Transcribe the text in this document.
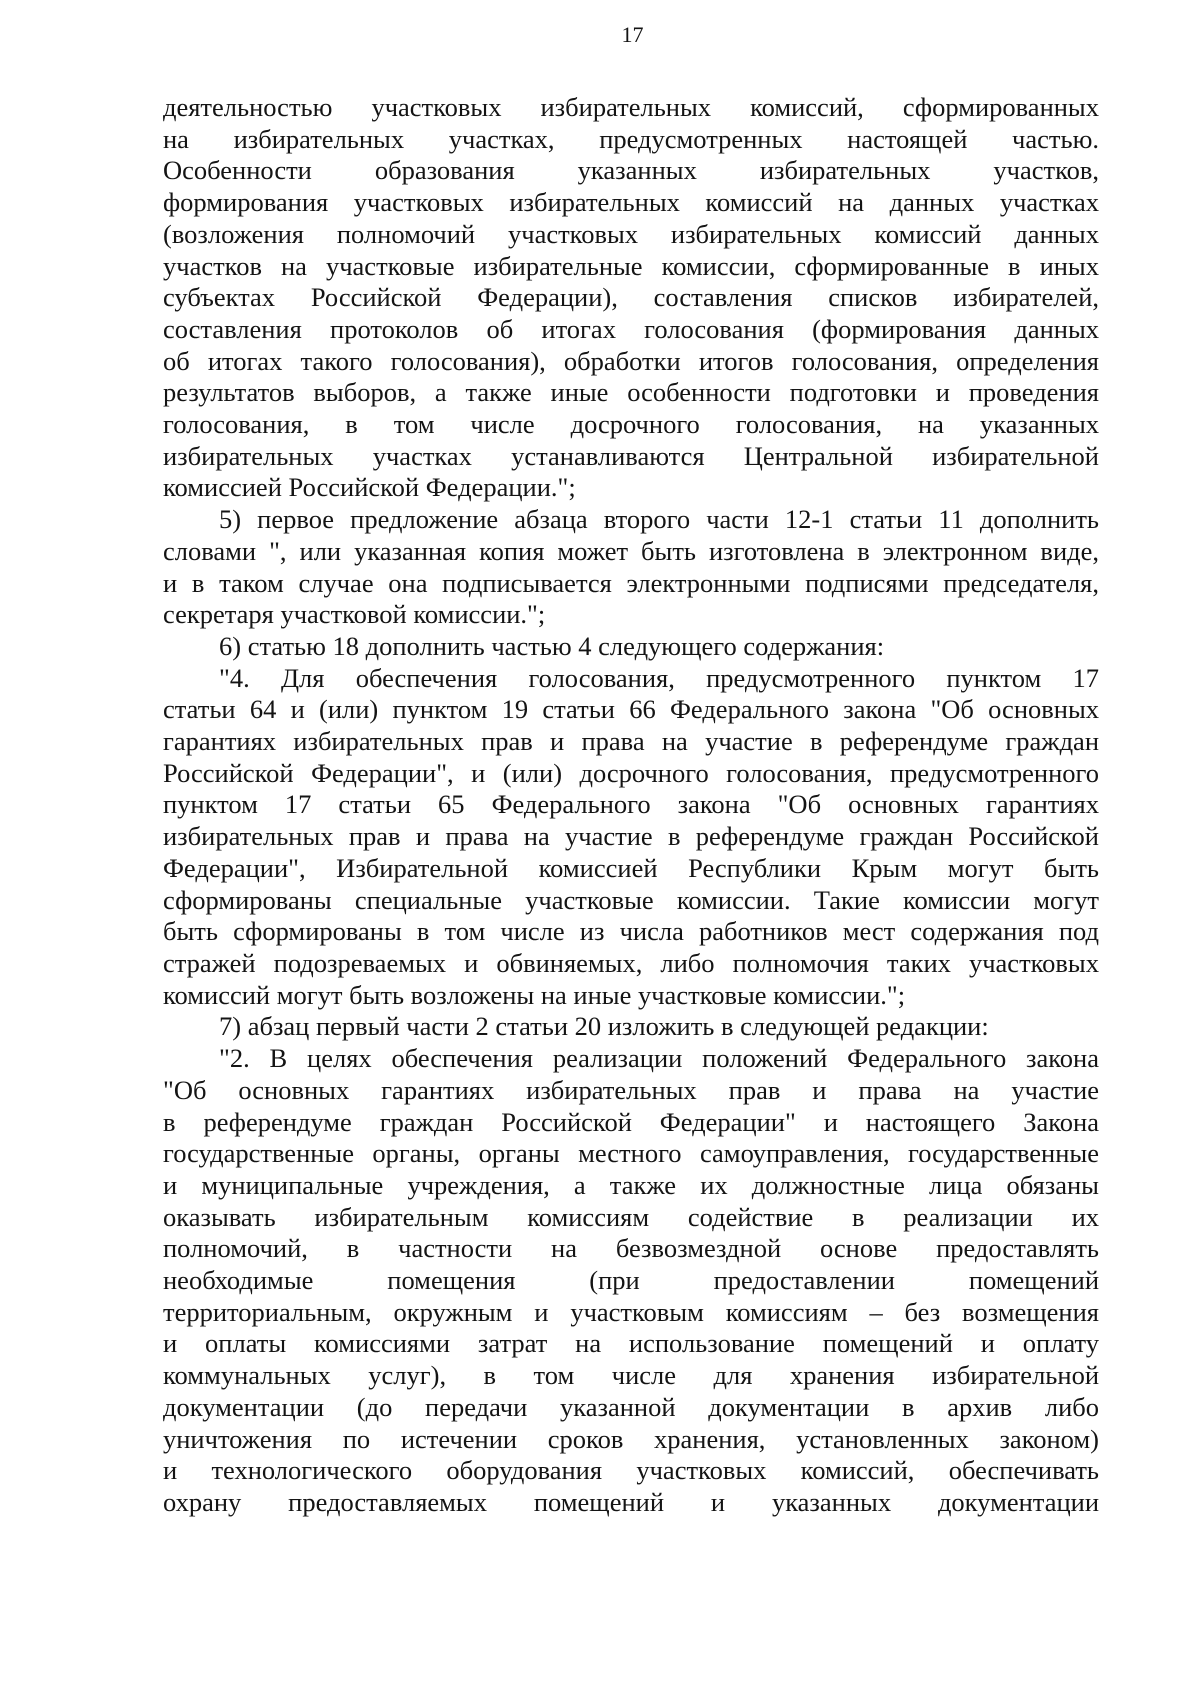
17
деятельностью участковых избирательных комиссий, сформированных
на избирательных участках, предусмотренных настоящей частью.
Особенности образования указанных избирательных участков,
формирования участковых избирательных комиссий на данных участках
(возложения полномочий участковых избирательных комиссий данных
участков на участковые избирательные комиссии, сформированные в иных
субъектах Российской Федерации), составления списков избирателей,
составления протоколов об итогах голосования (формирования данных
об итогах такого голосования), обработки итогов голосования, определения
результатов выборов, а также иные особенности подготовки и проведения
голосования, в том числе досрочного голосования, на указанных
избирательных участках устанавливаются Центральной избирательной
комиссией Российской Федерации.";
5) первое предложение абзаца второго части 12-1 статьи 11 дополнить
словами ", или указанная копия может быть изготовлена в электронном виде,
и в таком случае она подписывается электронными подписями председателя,
секретаря участковой комиссии.";
6) статью 18 дополнить частью 4 следующего содержания:
"4. Для обеспечения голосования, предусмотренного пунктом 17
статьи 64 и (или) пунктом 19 статьи 66 Федерального закона "Об основных
гарантиях избирательных прав и права на участие в референдуме граждан
Российской Федерации", и (или) досрочного голосования, предусмотренного
пунктом 17 статьи 65 Федерального закона "Об основных гарантиях
избирательных прав и права на участие в референдуме граждан Российской
Федерации", Избирательной комиссией Республики Крым могут быть
сформированы специальные участковые комиссии. Такие комиссии могут
быть сформированы в том числе из числа работников мест содержания под
стражей подозреваемых и обвиняемых, либо полномочия таких участковых
комиссий могут быть возложены на иные участковые комиссии.";
7) абзац первый части 2 статьи 20 изложить в следующей редакции:
"2. В целях обеспечения реализации положений Федерального закона
"Об основных гарантиях избирательных прав и права на участие
в референдуме граждан Российской Федерации" и настоящего Закона
государственные органы, органы местного самоуправления, государственные
и муниципальные учреждения, а также их должностные лица обязаны
оказывать избирательным комиссиям содействие в реализации их
полномочий, в частности на безвозмездной основе предоставлять
необходимые помещения (при предоставлении помещений
территориальным, окружным и участковым комиссиям – без возмещения
и оплаты комиссиями затрат на использование помещений и оплату
коммунальных услуг), в том числе для хранения избирательной
документации (до передачи указанной документации в архив либо
уничтожения по истечении сроков хранения, установленных законом)
и технологического оборудования участковых комиссий, обеспечивать
охрану предоставляемых помещений и указанных документации
